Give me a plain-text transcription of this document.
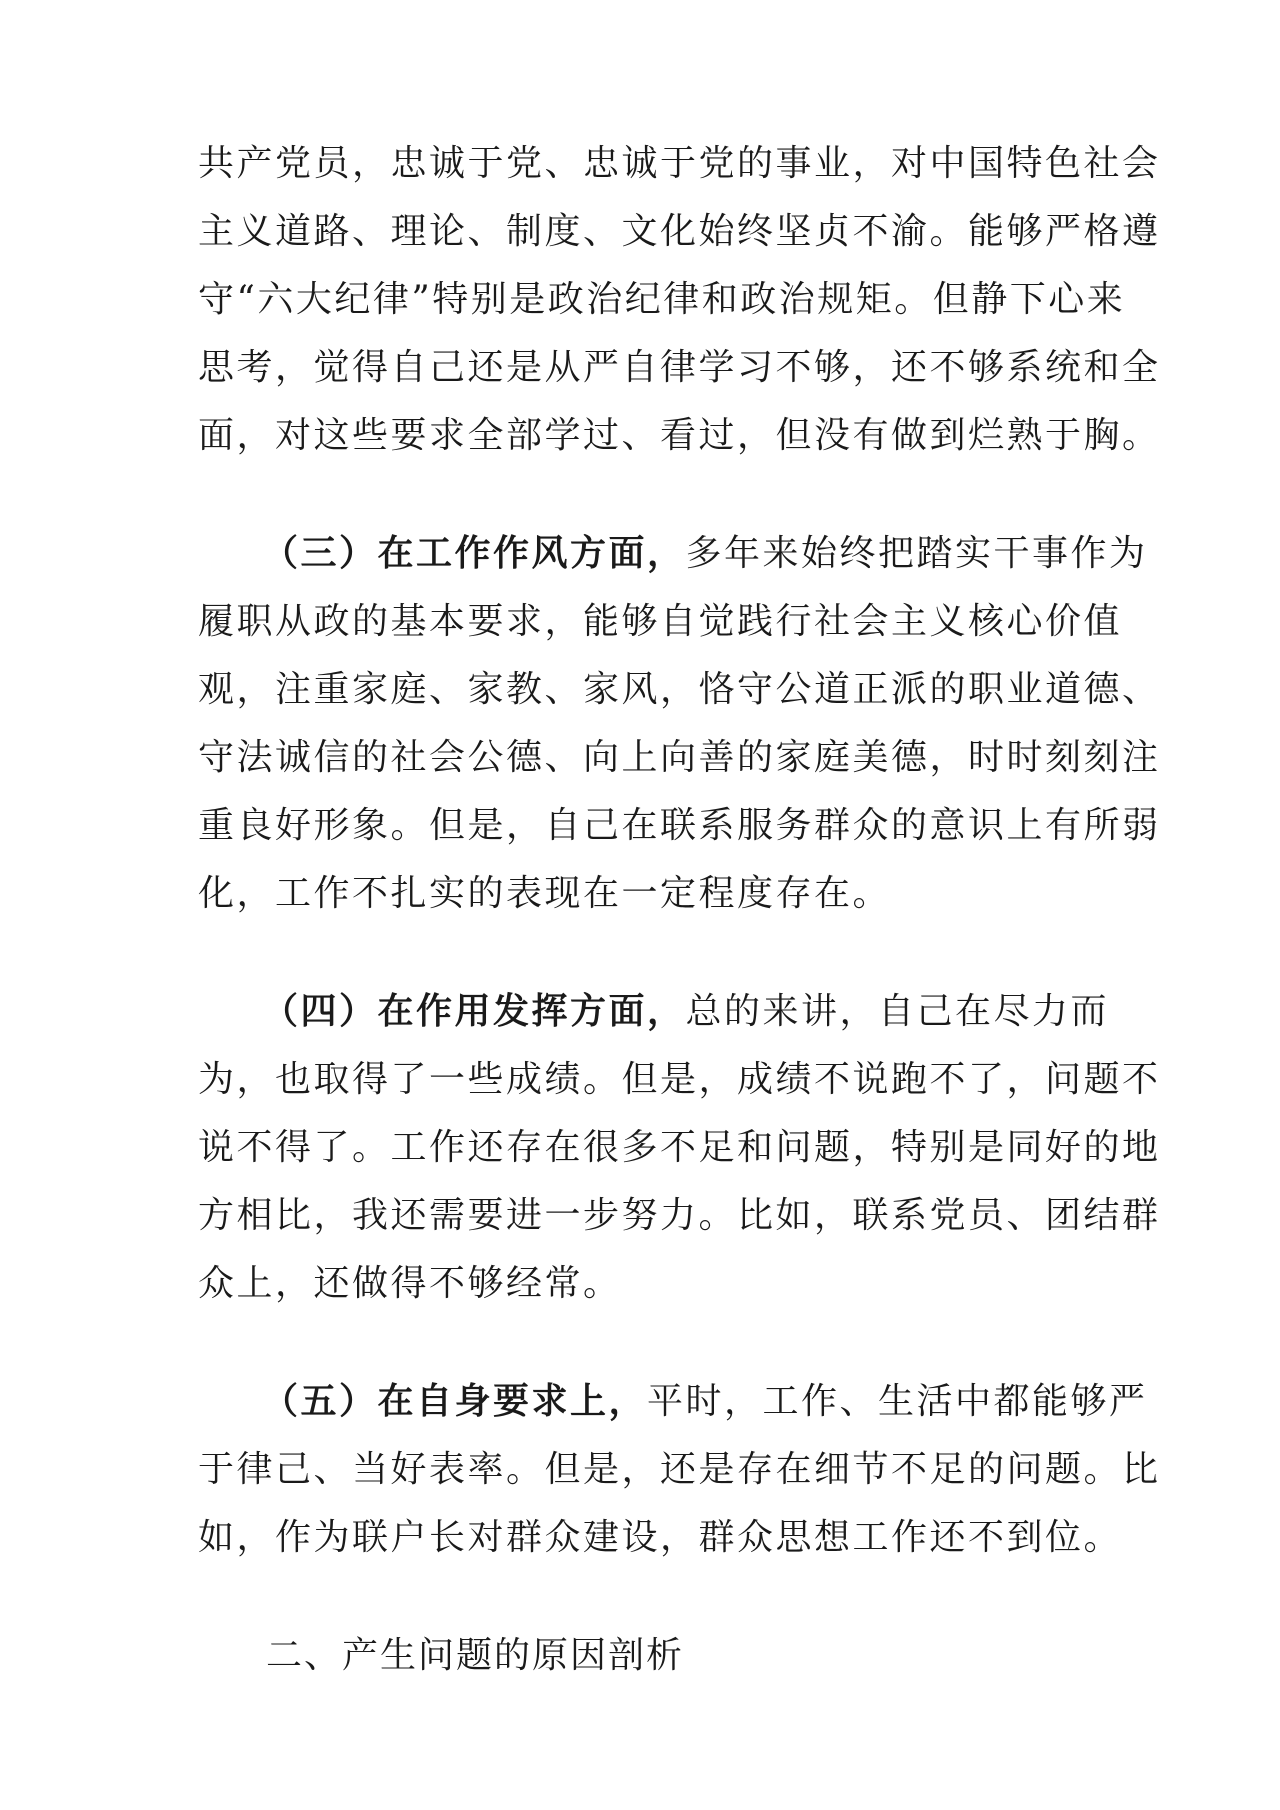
共产党员，忠诚于党、忠诚于党的事业，对中国特色社会
主义道路、理论、制度、文化始终坚贞不渝。能够严格遵
守“六大纪律”特别是政治纪律和政治规矩。但静下心来
思考，觉得自己还是从严自律学习不够，还不够系统和全
面，对这些要求全部学过、看过，但没有做到烂熟于胸。
（三）在工作作风方面，多年来始终把踏实干事作为
履职从政的基本要求，能够自觉践行社会主义核心价值
观，注重家庭、家教、家风，恪守公道正派的职业道德、
守法诚信的社会公德、向上向善的家庭美德，时时刻刻注
重良好形象。但是，自己在联系服务群众的意识上有所弱
化，工作不扎实的表现在一定程度存在。
（四）在作用发挥方面，总的来讲，自己在尽力而
为，也取得了一些成绩。但是，成绩不说跑不了，问题不
说不得了。工作还存在很多不足和问题，特别是同好的地
方相比，我还需要进一步努力。比如，联系党员、团结群
众上，还做得不够经常。
（五）在自身要求上，平时，工作、生活中都能够严
于律己、当好表率。但是，还是存在细节不足的问题。比
如，作为联户长对群众建设，群众思想工作还不到位。
二、产生问题的原因剖析
